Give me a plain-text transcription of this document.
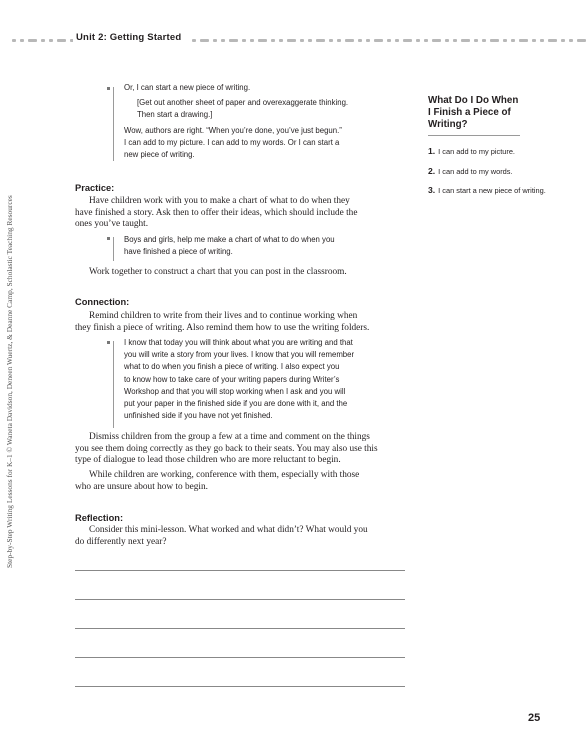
Unit 2: Getting Started
Step-by-Step Writing Lessons for K–1 © Waneta Davidson, Deneen Wuertz, & Deanne Camp, Scholastic Teaching Resources

Or, I can start a new piece of writing.

[Get out another sheet of paper and overexaggerate thinking.

Then start a drawing.]

Wow, authors are right. “When you’re done, you’ve just begun.”

I can add to my picture. I can add to my words. Or I can start a

new piece of writing.

Practice:

Have children work with you to make a chart of what to do when they

have finished a story. Ask then to offer their ideas, which should include the

ones you’ve taught.

Boys and girls, help me make a chart of what to do when you

have finished a piece of writing.

Work together to construct a chart that you can post in the classroom.

Connection:

Remind children to write from their lives and to continue working when

they finish a piece of writing. Also remind them how to use the writing folders.

I know that today you will think about what you are writing and that

you will write a story from your lives. I know that you will remember

what to do when you finish a piece of writing. I also expect you

to know how to take care of your writing papers during Writer’s

Workshop and that you will stop working when I ask and you will

put your paper in the finished side if you are done with it, and the

unfinished side if you have not yet finished.

Dismiss children from the group a few at a time and comment on the things

you see them doing correctly as they go back to their seats. You may also use this

type of dialogue to lead those children who are more reluctant to begin.

While children are working, conference with them, especially with those

who are unsure about how to begin.

Reflection:

Consider this mini-lesson. What worked and what didn’t? What would you

do differently next year?

What Do I Do When
I Finish a Piece of
Writing?
1. I can add to my picture.
2. I can add to my words.
3. I can start a new piece of writing.
25
